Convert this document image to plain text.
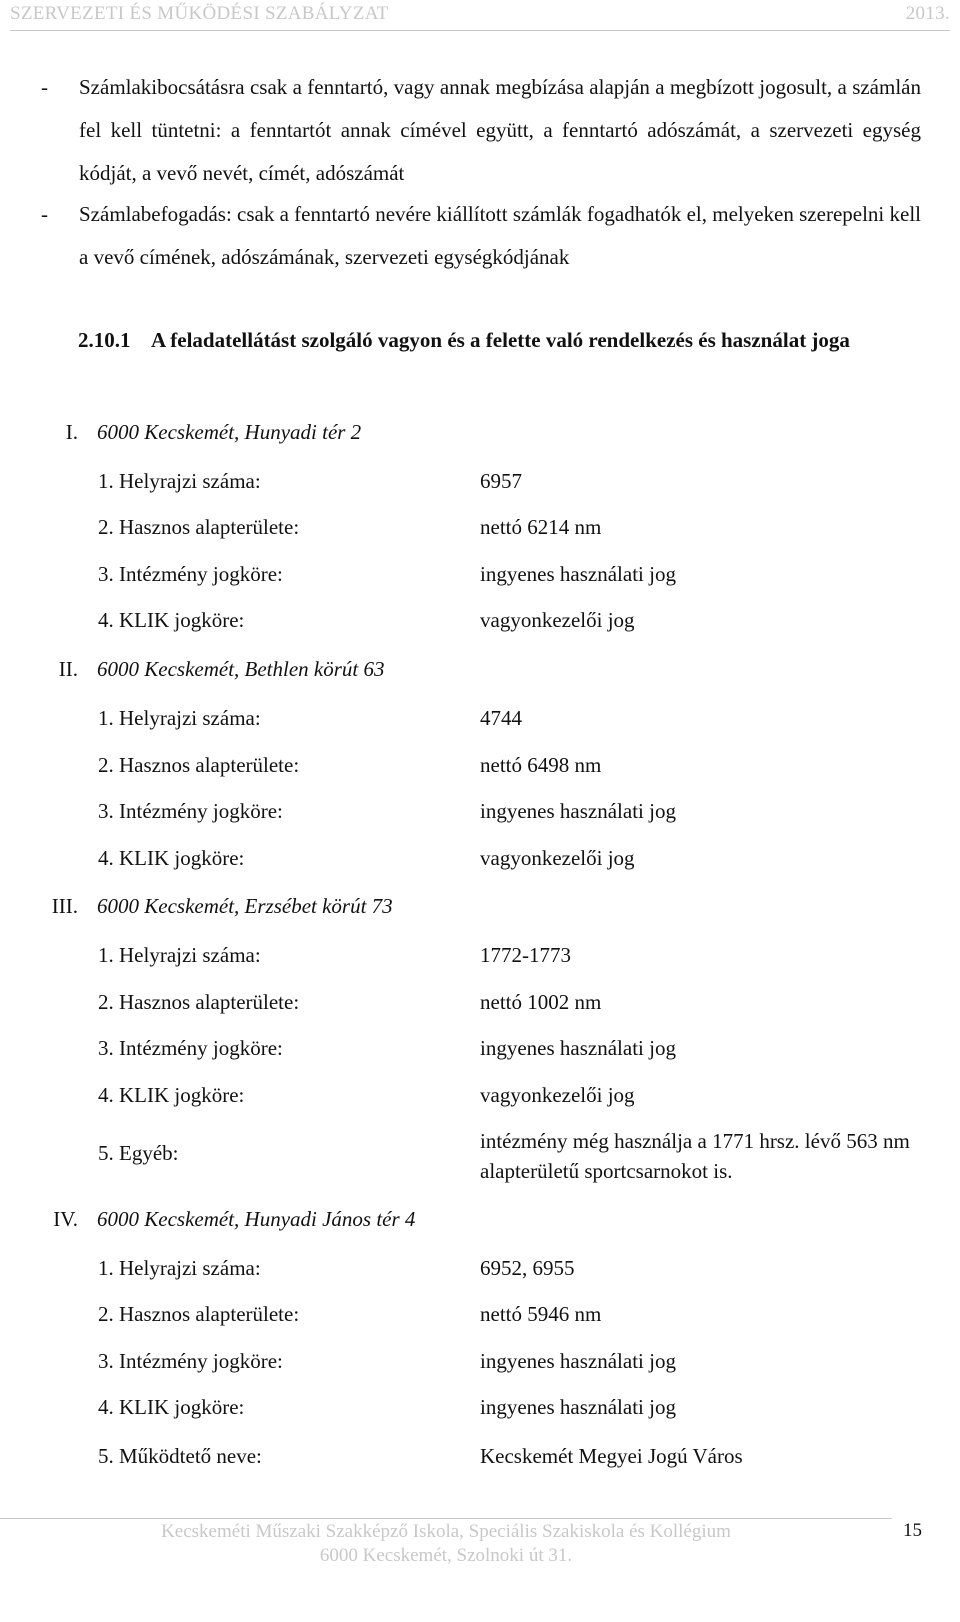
SZERVEZETI ÉS MŰKÖDÉSI SZABÁLYZAT	2013.
- Számlakibocsátásra csak a fenntartó, vagy annak megbízása alapján a megbízott jogosult, a számlán fel kell tüntetni: a fenntartót annak címével együtt, a fenntartó adószámát, a szervezeti egység kódját, a vevő nevét, címét, adószámát
- Számlabefogadás: csak a fenntartó nevére kiállított számlák fogadhatók el, melyeken szerepelni kell a vevő címének, adószámának, szervezeti egységkódjának
2.10.1 A feladatellátást szolgáló vagyon és a felette való rendelkezés és használat joga
I. 6000 Kecskemét, Hunyadi tér 2
1. Helyrajzi száma:	6957
2. Hasznos alapterülete:	nettó 6214 nm
3. Intézmény jogköre:	ingyenes használati jog
4. KLIK jogköre:	vagyonkezelői jog
II. 6000 Kecskemét, Bethlen körút 63
1. Helyrajzi száma:	4744
2. Hasznos alapterülete:	nettó 6498 nm
3. Intézmény jogköre:	ingyenes használati jog
4. KLIK jogköre:	vagyonkezelői jog
III. 6000 Kecskemét, Erzsébet körút 73
1. Helyrajzi száma:	1772-1773
2. Hasznos alapterülete:	nettó 1002 nm
3. Intézmény jogköre:	ingyenes használati jog
4. KLIK jogköre:	vagyonkezelői jog
5. Egyéb:	intézmény még használja a 1771 hrsz. lévő 563 nm alapterületű sportcsarnokot is.
IV. 6000 Kecskemét, Hunyadi János tér 4
1. Helyrajzi száma:	6952, 6955
2. Hasznos alapterülete:	nettó 5946 nm
3. Intézmény jogköre:	ingyenes használati jog
4. KLIK jogköre:	ingyenes használati jog
5. Működtető neve:	Kecskemét Megyei Jogú Város
Kecskeméti Műszaki Szakképző Iskola, Speciális Szakiskola és Kollégium
6000 Kecskemét, Szolnoki út 31.
15
